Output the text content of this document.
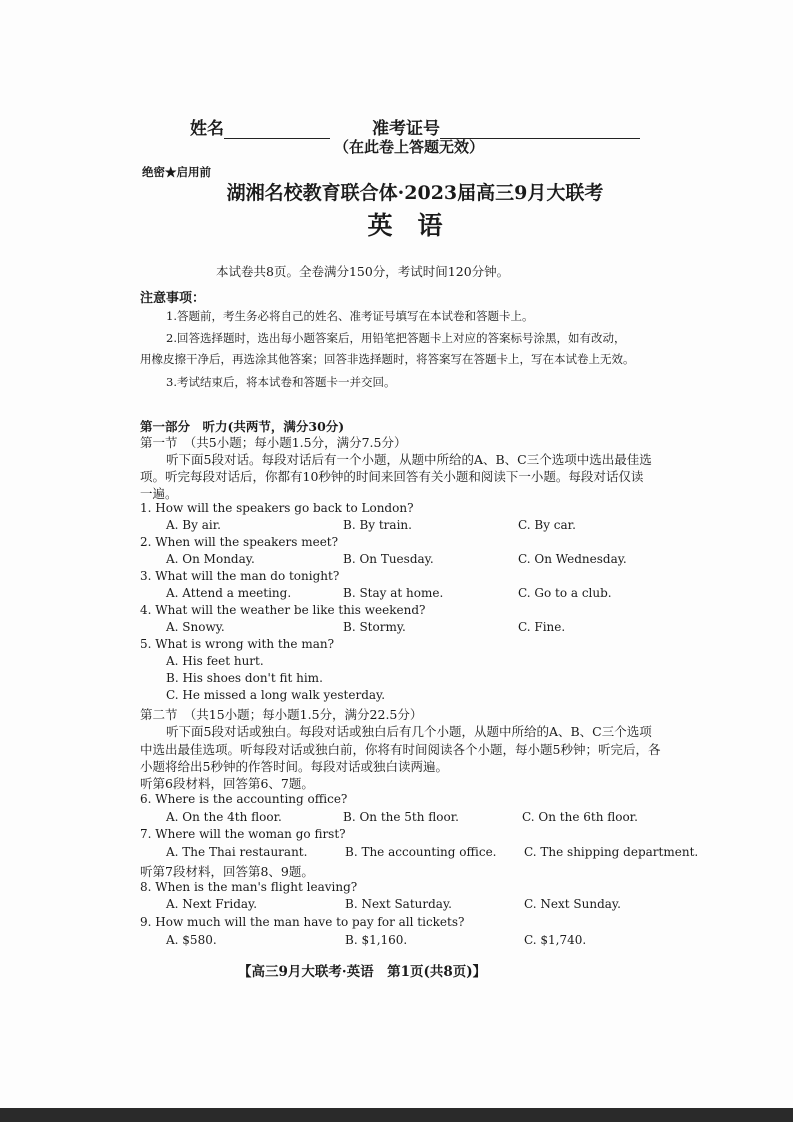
姓名	准考证号
（在此卷上答题无效）
绝密★启用前
湖湘名校教育联合体·2023届高三9月大联考
英　语
本试卷共8页。全卷满分150分，考试时间120分钟。
注意事项：
1.答题前，考生务必将自己的姓名、准考证号填写在本试卷和答题卡上。
2.回答选择题时，选出每小题答案后，用铅笔把答题卡上对应的答案标号涂黑，如有改动，
用橡皮擦干净后，再选涂其他答案；回答非选择题时，将答案写在答题卡上，写在本试卷上无效。
3.考试结束后，将本试卷和答题卡一并交回。
第一部分　听力(共两节，满分30分)
第一节　（共5小题；每小题1.5分，满分7.5分）
听下面5段对话。每段对话后有一个小题，从题中所给的A、B、C三个选项中选出最佳选
项。听完每段对话后，你都有10秒钟的时间来回答有关小题和阅读下一小题。每段对话仅读
一遍。
1. How will the speakers go back to London?
A. By air.	B. By train.	C. By car.
2. When will the speakers meet?
A. On Monday.	B. On Tuesday.	C. On Wednesday.
3. What will the man do tonight?
A. Attend a meeting.	B. Stay at home.	C. Go to a club.
4. What will the weather be like this weekend?
A. Snowy.	B. Stormy.	C. Fine.
5. What is wrong with the man?
A. His feet hurt.
B. His shoes don't fit him.
C. He missed a long walk yesterday.
第二节　（共15小题；每小题1.5分，满分22.5分）
听下面5段对话或独白。每段对话或独白后有几个小题，从题中所给的A、B、C三个选项
中选出最佳选项。听每段对话或独白前，你将有时间阅读各个小题，每小题5秒钟；听完后，各
小题将给出5秒钟的作答时间。每段对话或独白读两遍。
听第6段材料，回答第6、7题。
6. Where is the accounting office?
A. On the 4th floor.	B. On the 5th floor.	C. On the 6th floor.
7. Where will the woman go first?
A. The Thai restaurant.	B. The accounting office. C. The shipping department.
听第7段材料，回答第8、9题。
8. When is the man's flight leaving?
A. Next Friday.	B. Next Saturday.	C. Next Sunday.
9. How much will the man have to pay for all tickets?
A. $580.	B. $1,160.	C. $1,740.
【高三9月大联考·英语　第1页(共8页)】
